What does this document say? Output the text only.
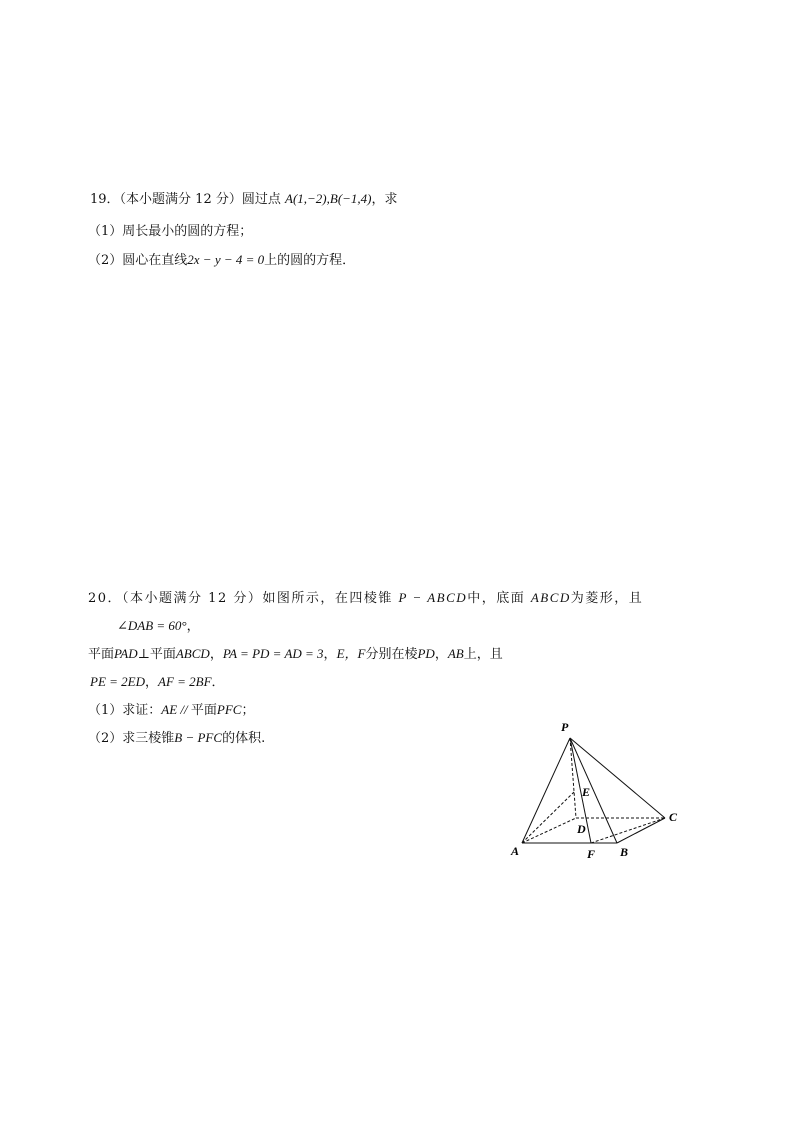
19．（本小题满分 12 分）圆过点 A(1,−2),B(−1,4)，求
（1）周长最小的圆的方程；
（2）圆心在直线2x − y − 4 = 0上的圆的方程．
20．（本小题满分 12 分）如图所示，在四棱锥 P − ABCD中，底面 ABCD为菱形，且
∠DAB = 60°，
平面PAD⊥平面ABCD，PA = PD = AD = 3，E，F分别在棱PD，AB上，且
PE = 2ED，AF = 2BF．
（1）求证：AE // 平面PFC；
（2）求三棱锥B − PFC的体积.
P
E
C
D
A	F B
